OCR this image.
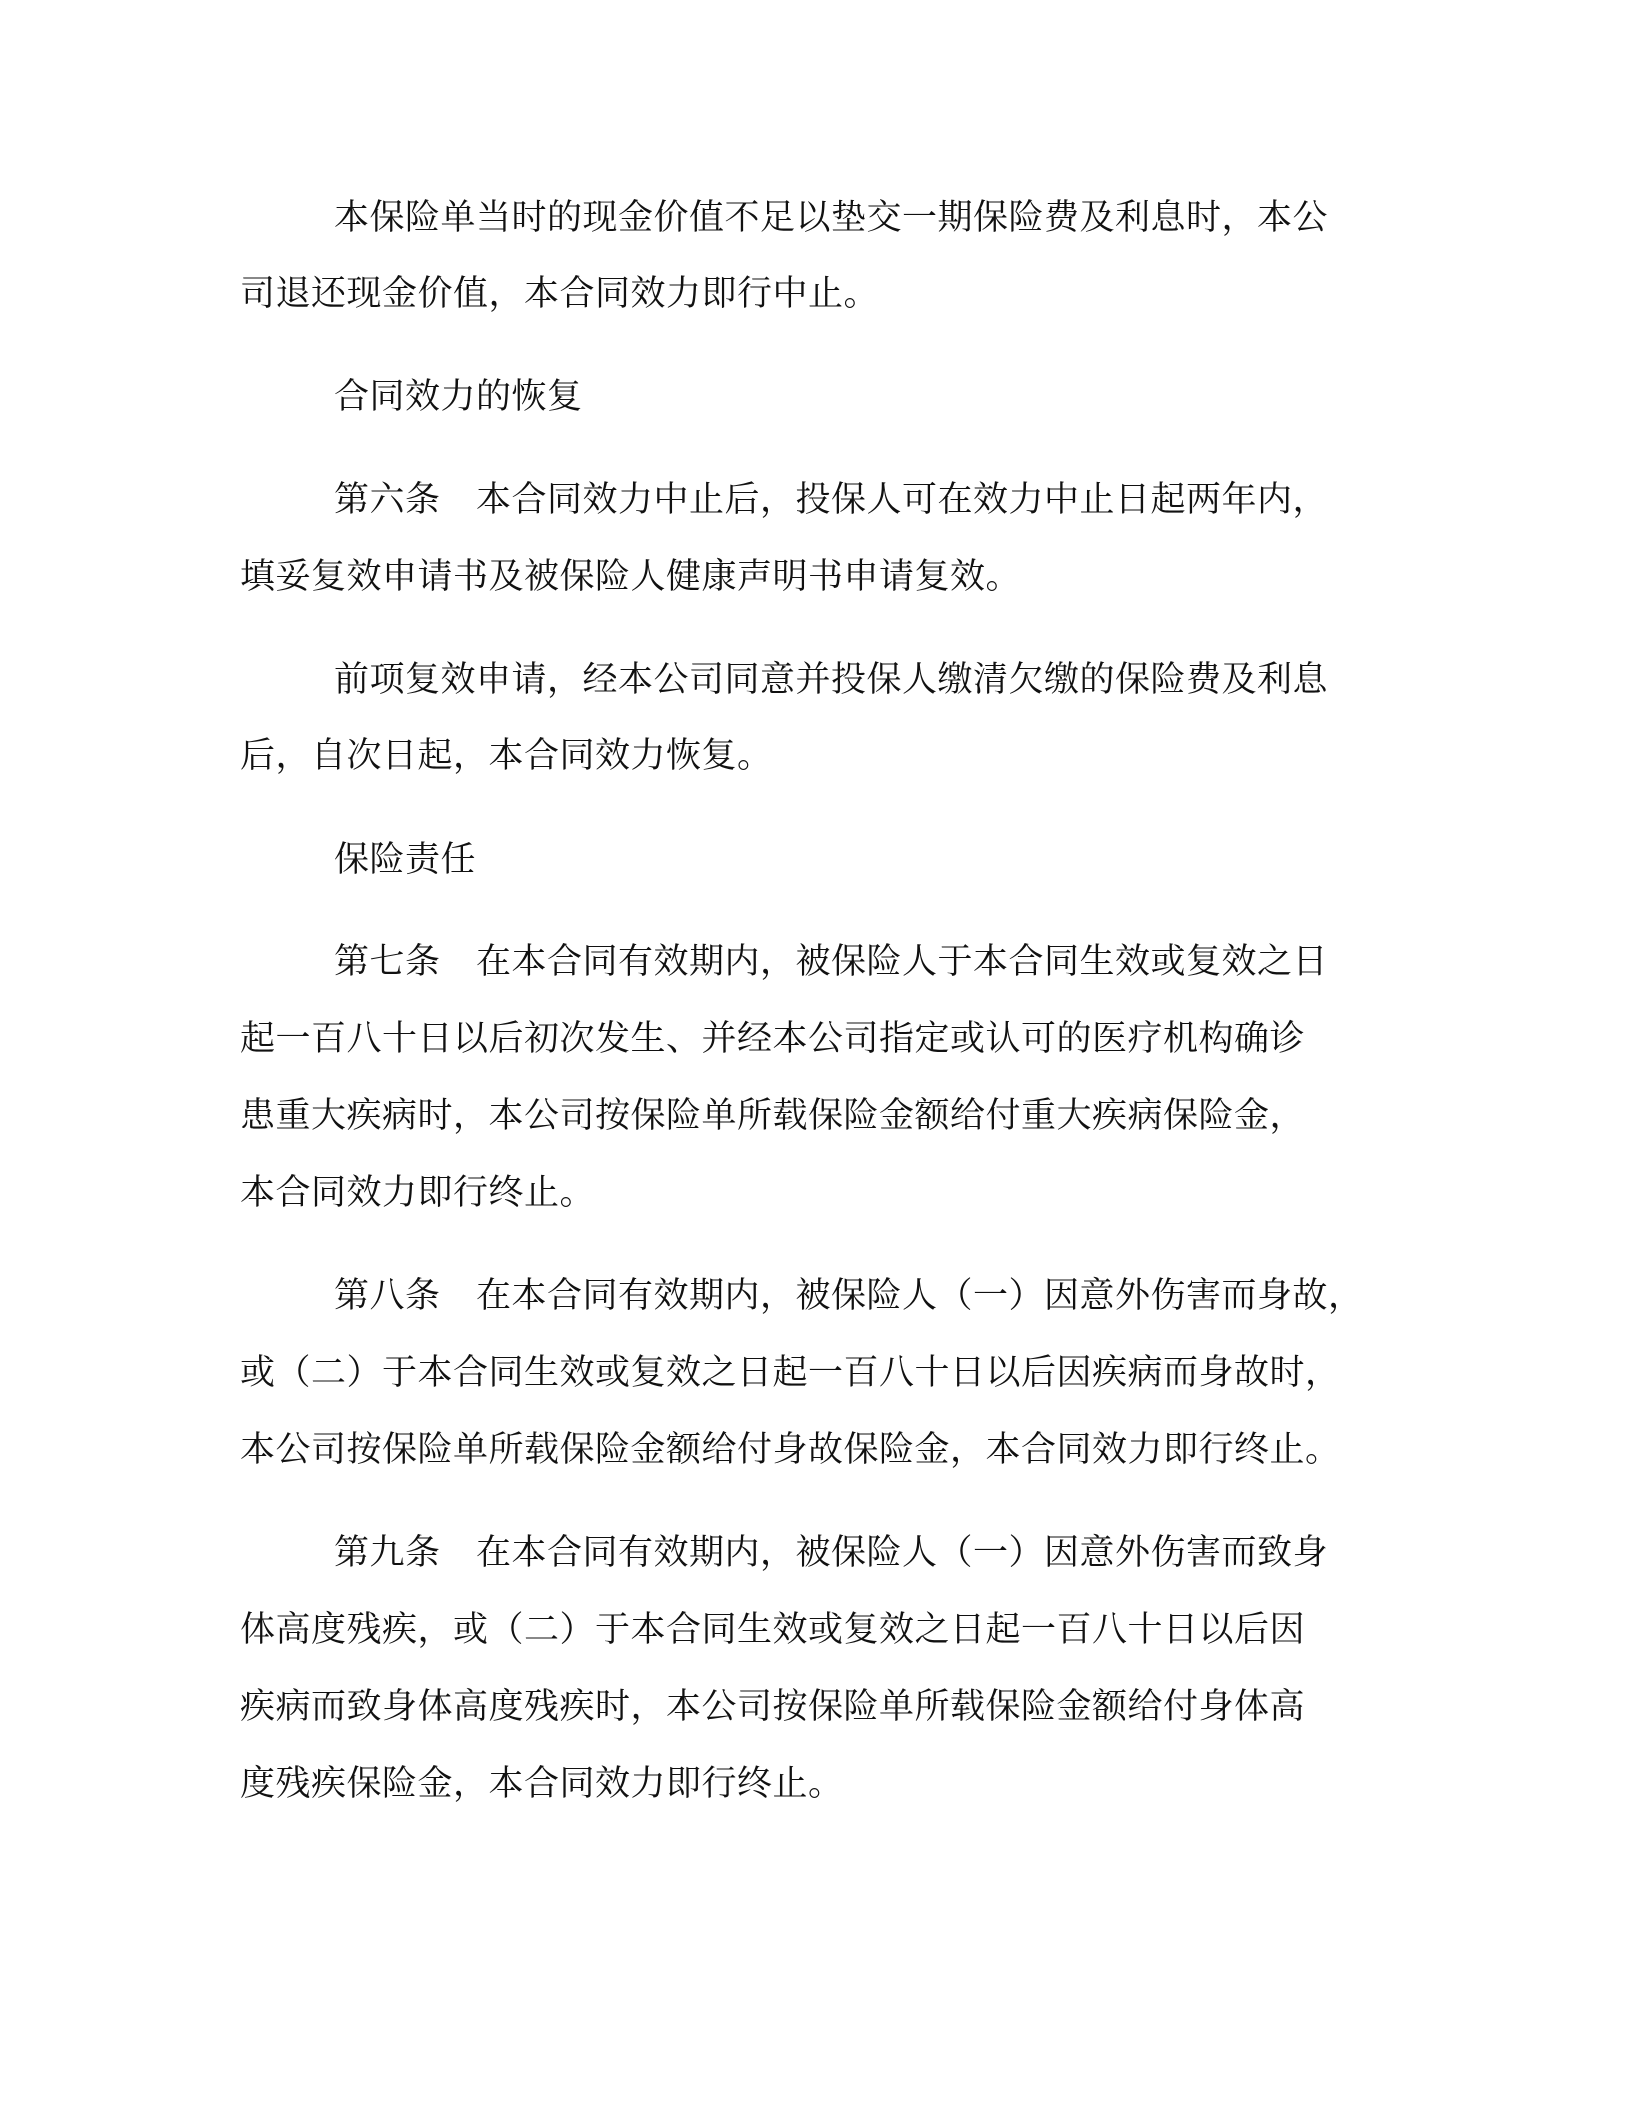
本保险单当时的现金价值不足以垫交一期保险费及利息时，本公
司退还现金价值，本合同效力即行中止。
合同效力的恢复
第六条　本合同效力中止后，投保人可在效力中止日起两年内，
填妥复效申请书及被保险人健康声明书申请复效。
前项复效申请，经本公司同意并投保人缴清欠缴的保险费及利息
后，自次日起，本合同效力恢复。
保险责任
第七条　在本合同有效期内，被保险人于本合同生效或复效之日
起一百八十日以后初次发生、并经本公司指定或认可的医疗机构确诊
患重大疾病时，本公司按保险单所载保险金额给付重大疾病保险金，
本合同效力即行终止。
第八条　在本合同有效期内，被保险人（一）因意外伤害而身故，
或（二）于本合同生效或复效之日起一百八十日以后因疾病而身故时，
本公司按保险单所载保险金额给付身故保险金，本合同效力即行终止。
第九条　在本合同有效期内，被保险人（一）因意外伤害而致身
体高度残疾，或（二）于本合同生效或复效之日起一百八十日以后因
疾病而致身体高度残疾时，本公司按保险单所载保险金额给付身体高
度残疾保险金，本合同效力即行终止。
